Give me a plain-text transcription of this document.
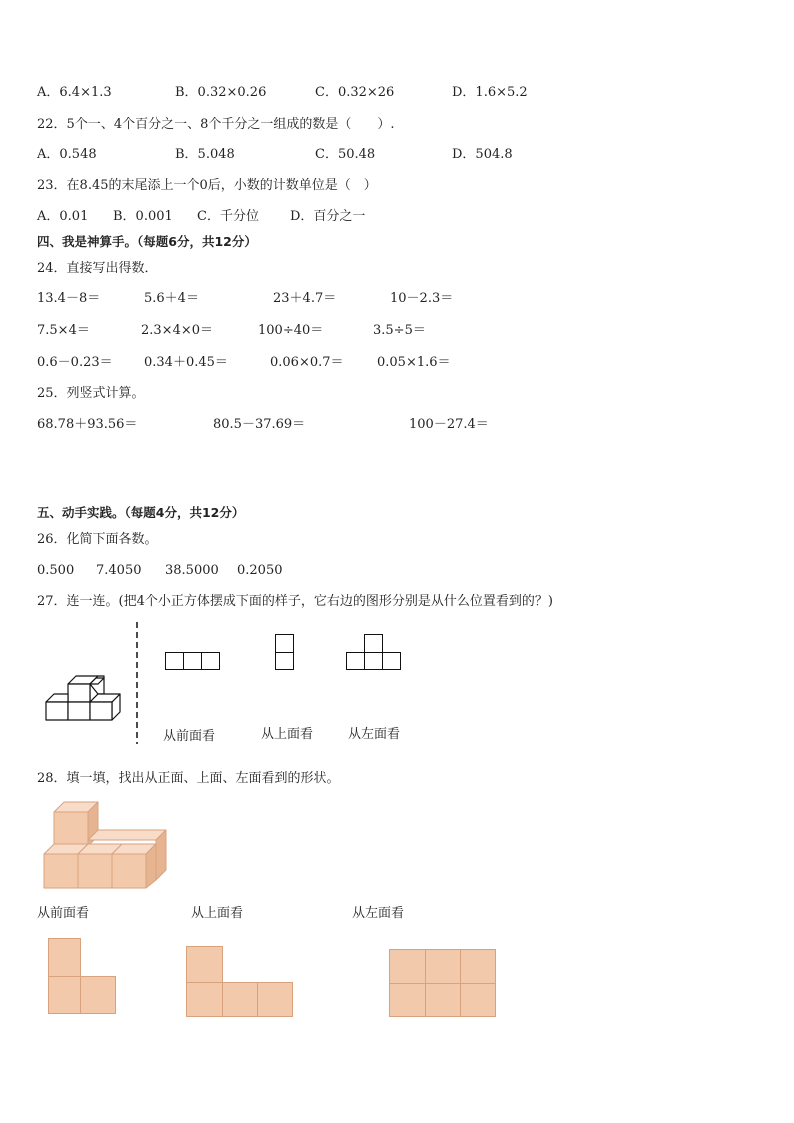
A．6.4×1.3	B．0.32×0.26	C．0.32×26	D．1.6×5.2
22．5个一、4个百分之一、8个千分之一组成的数是（　　）.
A．0.548	B．5.048	C．50.48	D．504.8
23．在8.45的末尾添上一个0后，小数的计数单位是（　）
A．0.01 B．0.001 C．千分位 D．百分之一
四、我是神算手。（每题6分，共12分）
24．直接写出得数．
13.4－8＝	5.6＋4＝	23＋4.7＝	10－2.3＝
7.5×4＝	2.3×4×0＝	100÷40＝	3.5÷5＝
0.6－0.23＝ 0.34＋0.45＝	0.06×0.7＝	0.05×1.6＝
25．列竖式计算。
68.78＋93.56＝	80.5－37.69＝	100－27.4＝
五、动手实践。（每题4分，共12分）
26．化简下面各数。
0.500 7.4050 38.5000 0.2050
27．连一连。(把4个小正方体摆成下面的样子，它右边的图形分别是从什么位置看到的？)
从前面看	从上面看	从左面看
28．填一填，找出从正面、上面、左面看到的形状。
从前面看	从上面看	从左面看
